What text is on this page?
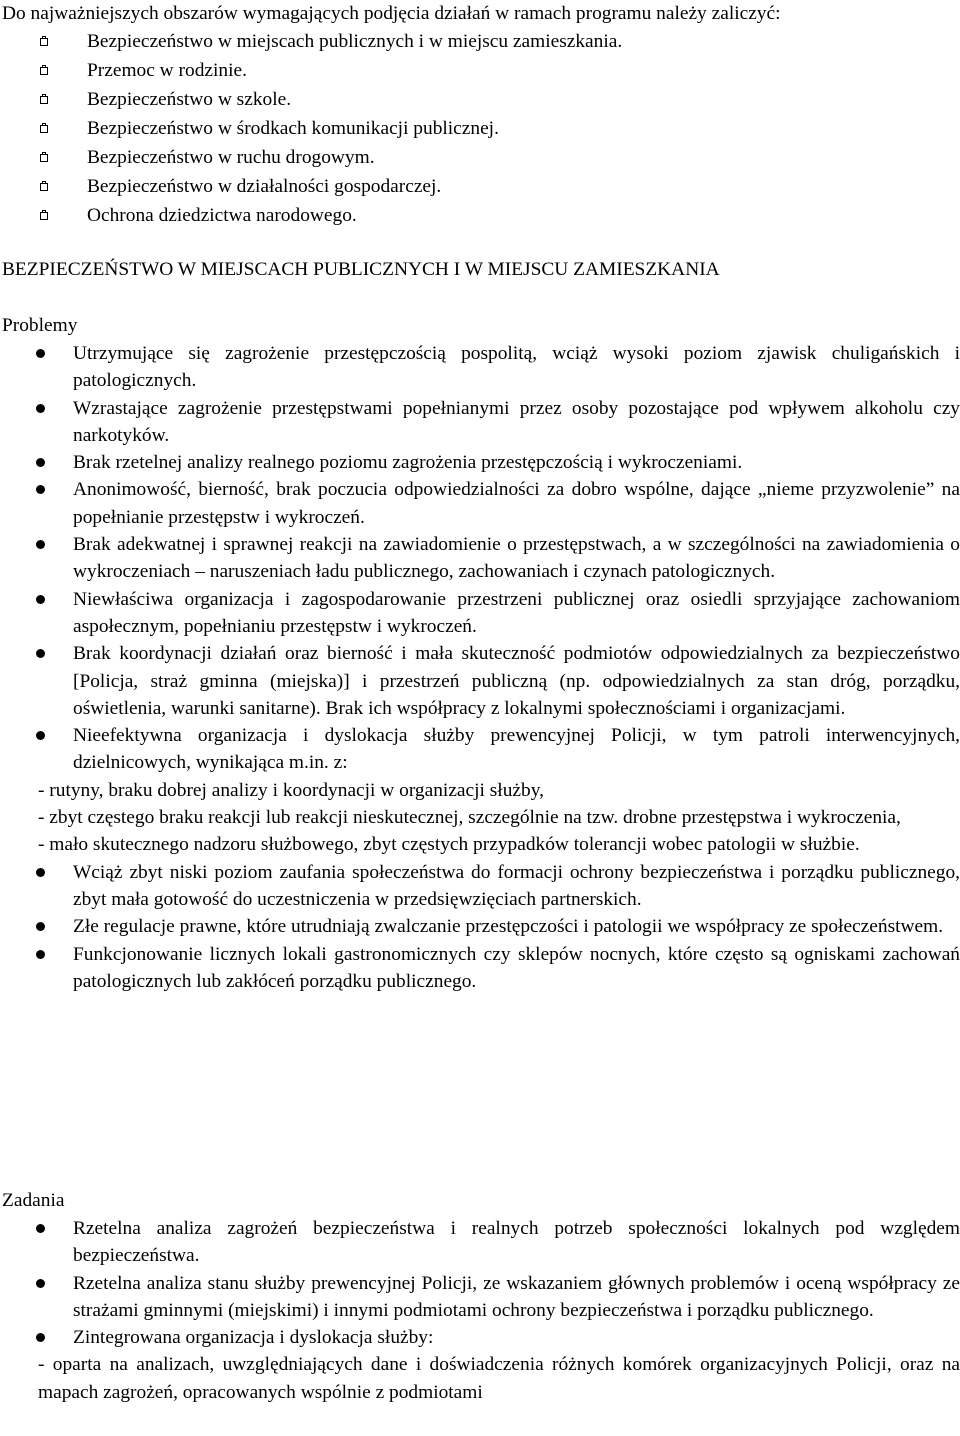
Do najważniejszych obszarów wymagających podjęcia działań w ramach programu należy zaliczyć:

Bezpieczeństwo w miejscach publicznych i w miejscu zamieszkania.
Przemoc w rodzinie.
Bezpieczeństwo w szkole.
Bezpieczeństwo w środkach komunikacji publicznej.
Bezpieczeństwo w ruchu drogowym.
Bezpieczeństwo w działalności gospodarczej.
Ochrona dziedzictwa narodowego.

BEZPIECZEŃSTWO W MIEJSCACH PUBLICZNYCH I W MIEJSCU ZAMIESZKANIA

Problemy

Utrzymujące się zagrożenie przestępczością pospolitą, wciąż wysoki poziom zjawisk chuligańskich i patologicznych.

Wzrastające zagrożenie przestępstwami popełnianymi przez osoby pozostające pod wpływem alkoholu czy narkotyków.

Brak rzetelnej analizy realnego poziomu zagrożenia przestępczością i wykroczeniami.

Anonimowość, bierność, brak poczucia odpowiedzialności za dobro wspólne, dające „nieme przyzwolenie” na popełnianie przestępstw i wykroczeń.

Brak adekwatnej i sprawnej reakcji na zawiadomienie o przestępstwach, a w szczególności na zawiadomienia o wykroczeniach – naruszeniach ładu publicznego, zachowaniach i czynach patologicznych.

Niewłaściwa organizacja i zagospodarowanie przestrzeni publicznej oraz osiedli sprzyjające zachowaniom aspołecznym, popełnianiu przestępstw i wykroczeń.

Brak koordynacji działań oraz bierność i mała skuteczność podmiotów odpowiedzialnych za bezpieczeństwo [Policja, straż gminna (miejska)] i przestrzeń publiczną (np. odpowiedzialnych za stan dróg, porządku, oświetlenia, warunki sanitarne). Brak ich współpracy z lokalnymi społecznościami i organizacjami.

Nieefektywna organizacja i dyslokacja służby prewencyjnej Policji, w tym patroli interwencyjnych, dzielnicowych, wynikająca m.in. z:

- rutyny, braku dobrej analizy i koordynacji w organizacji służby,

- zbyt częstego braku reakcji lub reakcji nieskutecznej, szczególnie na tzw. drobne przestępstwa i wykroczenia,

- mało skutecznego nadzoru służbowego, zbyt częstych przypadków tolerancji wobec patologii w służbie.

Wciąż zbyt niski poziom zaufania społeczeństwa do formacji ochrony bezpieczeństwa i porządku publicznego, zbyt mała gotowość do uczestniczenia w przedsięwzięciach partnerskich.

Złe regulacje prawne, które utrudniają zwalczanie przestępczości i patologii we współpracy ze społeczeństwem.

Funkcjonowanie licznych lokali gastronomicznych czy sklepów nocnych, które często są ogniskami zachowań patologicznych lub zakłóceń porządku publicznego.

Zadania

Rzetelna analiza zagrożeń bezpieczeństwa i realnych potrzeb społeczności lokalnych pod względem bezpieczeństwa.

Rzetelna analiza stanu służby prewencyjnej Policji, ze wskazaniem głównych problemów i oceną współpracy ze strażami gminnymi (miejskimi) i innymi podmiotami ochrony bezpieczeństwa i porządku publicznego.

Zintegrowana organizacja i dyslokacja służby:

- oparta na analizach, uwzględniających dane i doświadczenia różnych komórek organizacyjnych Policji, oraz na mapach zagrożeń, opracowanych wspólnie z podmiotami
